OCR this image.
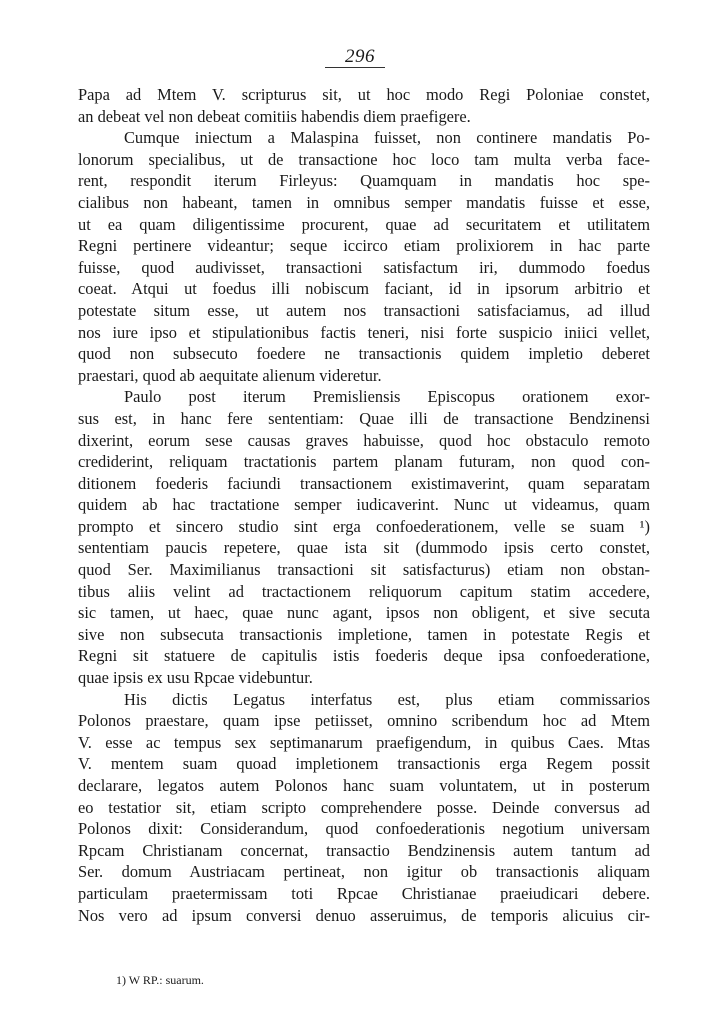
296
Papa ad Mtem V. scripturus sit, ut hoc modo Regi Poloniae constet,
an debeat vel non debeat comitiis habendis diem praefigere.
Cumque iniectum a Malaspina fuisset, non continere mandatis Po-
lonorum specialibus, ut de transactione hoc loco tam multa verba face-
rent, respondit iterum Firleyus: Quamquam in mandatis hoc spe-
cialibus non habeant, tamen in omnibus semper mandatis fuisse et esse,
ut ea quam diligentissime procurent, quae ad securitatem et utilitatem
Regni pertinere videantur; seque iccirco etiam prolixiorem in hac parte
fuisse, quod audivisset, transactioni satisfactum iri, dummodo foedus
coeat. Atqui ut foedus illi nobiscum faciant, id in ipsorum arbitrio et
potestate situm esse, ut autem nos transactioni satisfaciamus, ad illud
nos iure ipso et stipulationibus factis teneri, nisi forte suspicio iniici vellet,
quod non subsecuto foedere ne transactionis quidem impletio deberet
praestari, quod ab aequitate alienum videretur.
Paulo post iterum Premisliensis Episcopus orationem exor-
sus est, in hanc fere sententiam: Quae illi de transactione Bendzinensi
dixerint, eorum sese causas graves habuisse, quod hoc obstaculo remoto
crediderint, reliquam tractationis partem planam futuram, non quod con-
ditionem foederis faciundi transactionem existimaverint, quam separatam
quidem ab hac tractatione semper iudicaverint. Nunc ut videamus, quam
prompto et sincero studio sint erga confoederationem, velle se suam ¹)
sententiam paucis repetere, quae ista sit (dummodo ipsis certo constet,
quod Ser. Maximilianus transactioni sit satisfacturus) etiam non obstan-
tibus aliis velint ad tractactionem reliquorum capitum statim accedere,
sic tamen, ut haec, quae nunc agant, ipsos non obligent, et sive secuta
sive non subsecuta transactionis impletione, tamen in potestate Regis et
Regni sit statuere de capitulis istis foederis deque ipsa confoederatione,
quae ipsis ex usu Rpcae videbuntur.
His dictis Legatus interfatus est, plus etiam commissarios
Polonos praestare, quam ipse petiisset, omnino scribendum hoc ad Mtem
V. esse ac tempus sex septimanarum praefigendum, in quibus Caes. Mtas
V. mentem suam quoad impletionem transactionis erga Regem possit
declarare, legatos autem Polonos hanc suam voluntatem, ut in posterum
eo testatior sit, etiam scripto comprehendere posse. Deinde conversus ad
Polonos dixit: Considerandum, quod confoederationis negotium universam
Rpcam Christianam concernat, transactio Bendzinensis autem tantum ad
Ser. domum Austriacam pertineat, non igitur ob transactionis aliquam
particulam praetermissam toti Rpcae Christianae praeiudicari debere.
Nos vero ad ipsum conversi denuo asseruimus, de temporis alicuius cir-
1) W RP.: suarum.
